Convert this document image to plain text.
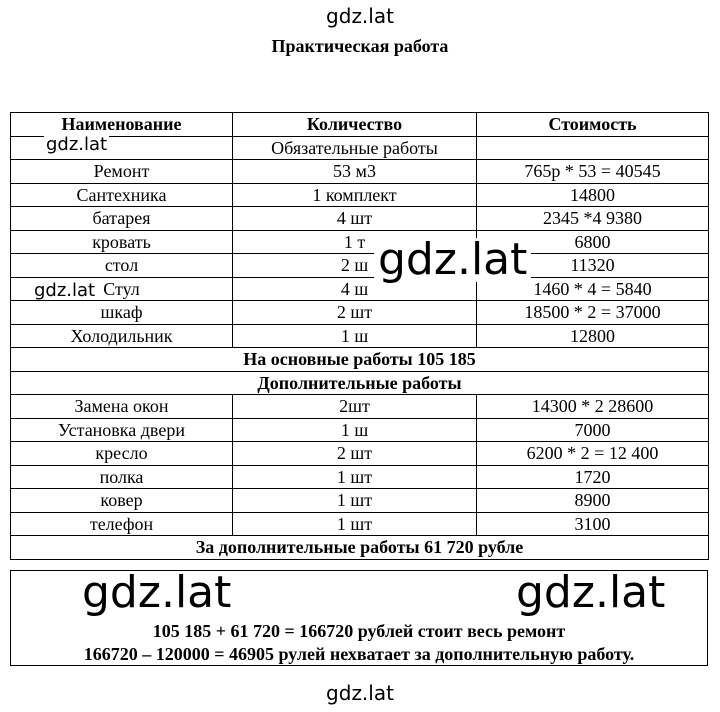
gdz.lat
Практическая работа
Наименование	Количество	Стоимость
	Обязательные работы	
Ремонт	53 м3	765р * 53 = 40545
Сантехника	1 комплект	14800
батарея	4 шт	2345 *4 9380
кровать	1 т	6800
стол	2 ш	11320
Стул	4 ш	1460 * 4 = 5840
шкаф	2 шт	18500 * 2 = 37000
Холодильник	1 ш	12800
На основные работы 105 185		
Дополнительные работы		
Замена окон	2шт	14300 * 2 28600
Установка двери	1 ш	7000
кресло	2 шт	6200 * 2 = 12 400
полка	1 шт	1720
ковер	1 шт	8900
телефон	1 шт	3100
За дополнительные работы 61 720 рубле		
105 185 + 61 720 = 166720 рублей стоит весь ремонт
166720 – 120000 = 46905 рулей нехватает за дополнительную работу.
gdz.lat
gdz.lat
gdz.lat
gdz.lat	gdz.lat
gdz.lat
